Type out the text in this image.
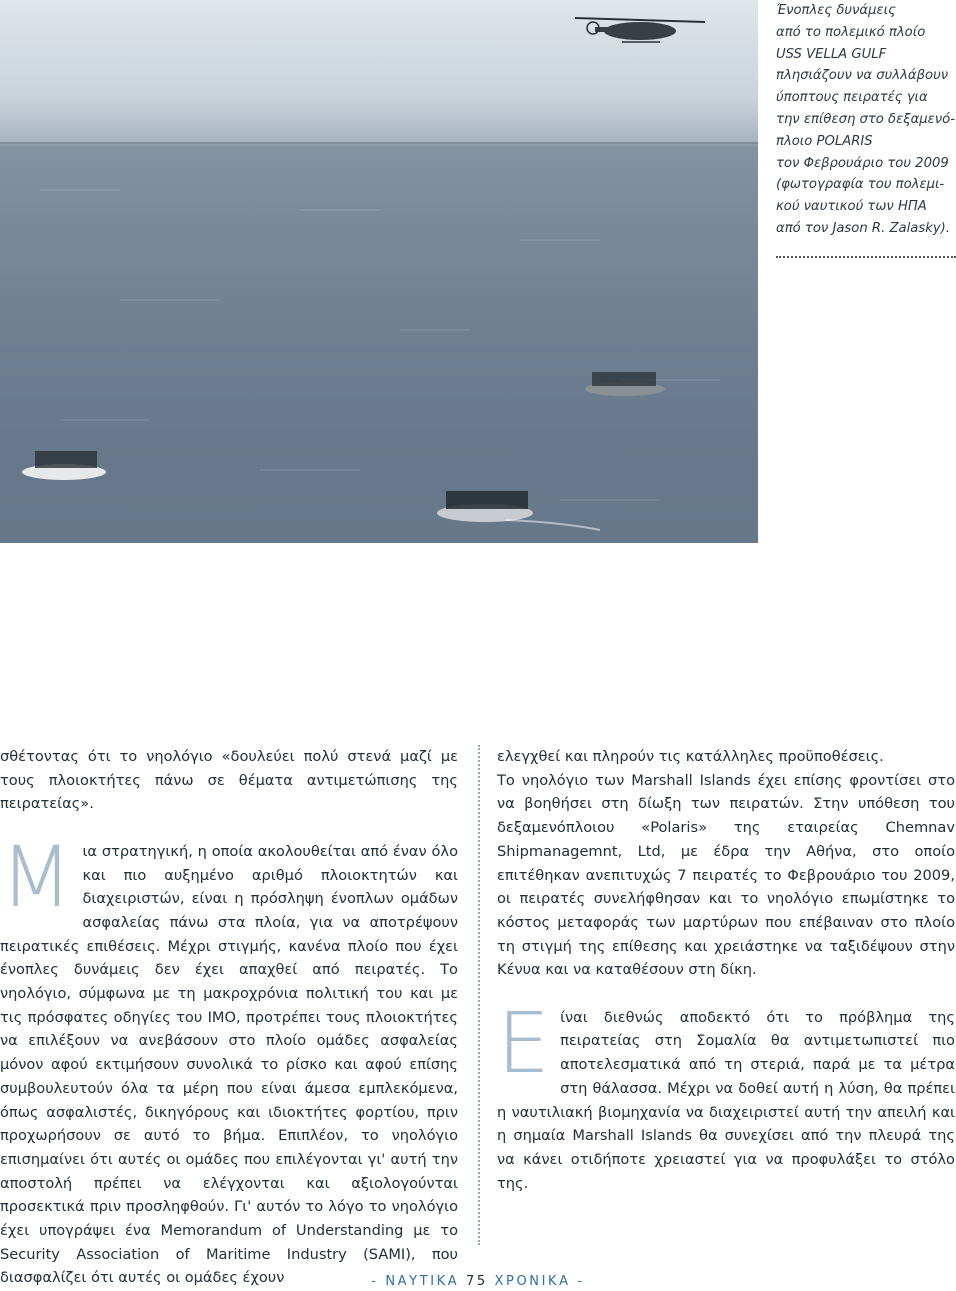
Ένοπλες δυνάμεις
από το πολεμικό πλοίο
USS VELLA GULF
πλησιάζουν να συλλάβουν
ύποπτους πειρατές για
την επίθεση στο δεξαμενό-
πλοιο POLARIS
τον Φεβρουάριο του 2009
(φωτογραφία του πολεμι-
κού ναυτικού των ΗΠΑ
από τον Jason R. Zalasky).

σθέτοντας ότι το νηολόγιο «δουλεύει πολύ στενά μαζί με τους πλοιοκτήτες πάνω σε θέματα αντιμετώπισης της πειρατείας».

Μια στρατηγική, η οποία ακολουθείται από έναν όλο και πιο αυξημένο αριθμό πλοιοκτητών και διαχειριστών, είναι η πρόσληψη ένοπλων ομάδων ασφαλείας πάνω στα πλοία, για να αποτρέψουν πειρατικές επιθέσεις. Μέχρι στιγμής, κανένα πλοίο που έχει ένοπλες δυνάμεις δεν έχει απαχθεί από πειρατές. Το νηολόγιο, σύμφωνα με τη μακροχρόνια πολιτική του και με τις πρόσφατες οδηγίες του ΙΜΟ, προτρέπει τους πλοιοκτήτες να επιλέξουν να ανεβάσουν στο πλοίο ομάδες ασφαλείας μόνον αφού εκτιμήσουν συνολικά το ρίσκο και αφού επίσης συμβουλευτούν όλα τα μέρη που είναι άμεσα εμπλεκόμενα, όπως ασφαλιστές, δικηγόρους και ιδιοκτήτες φορτίου, πριν προχωρήσουν σε αυτό το βήμα. Επιπλέον, το νηολόγιο επισημαίνει ότι αυτές οι ομάδες που επιλέγονται γι' αυτή την αποστολή πρέπει να ελέγχονται και αξιολογούνται προσεκτικά πριν προσληφθούν. Γι' αυτόν το λόγο το νηολόγιο έχει υπογράψει ένα Memorandum of Understanding με το Security Association of Maritime Industry (SAMI), που διασφαλίζει ότι αυτές οι ομάδες έχουν

ελεγχθεί και πληρούν τις κατάλληλες προϋποθέσεις.

Το νηολόγιο των Marshall Islands έχει επίσης φροντίσει στο να βοηθήσει στη δίωξη των πειρατών. Στην υπόθεση του δεξαμενόπλοιου «Polaris» της εταιρείας Chemnav Shipmanagemnt, Ltd, με έδρα την Αθήνα, στο οποίο επιτέθηκαν ανεπιτυχώς 7 πειρατές το Φεβρουάριο του 2009, οι πειρατές συνελήφθησαν και το νηολόγιο επωμίστηκε το κόστος μεταφοράς των μαρτύρων που επέβαιναν στο πλοίο τη στιγμή της επίθεσης και χρειάστηκε να ταξιδέψουν στην Κένυα και να καταθέσουν στη δίκη.

Είναι διεθνώς αποδεκτό ότι το πρόβλημα της πειρατείας στη Σομαλία θα αντιμετωπιστεί πιο αποτελεσματικά από τη στεριά, παρά με τα μέτρα στη θάλασσα. Μέχρι να δοθεί αυτή η λύση, θα πρέπει η ναυτιλιακή βιομηχανία να διαχειριστεί αυτή την απειλή και η σημαία Marshall Islands θα συνεχίσει από την πλευρά της να κάνει οτιδήποτε χρειαστεί για να προφυλάξει το στόλο της.

- ΝΑΥΤΙΚΑ 75 ΧΡΟΝΙΚΑ -
